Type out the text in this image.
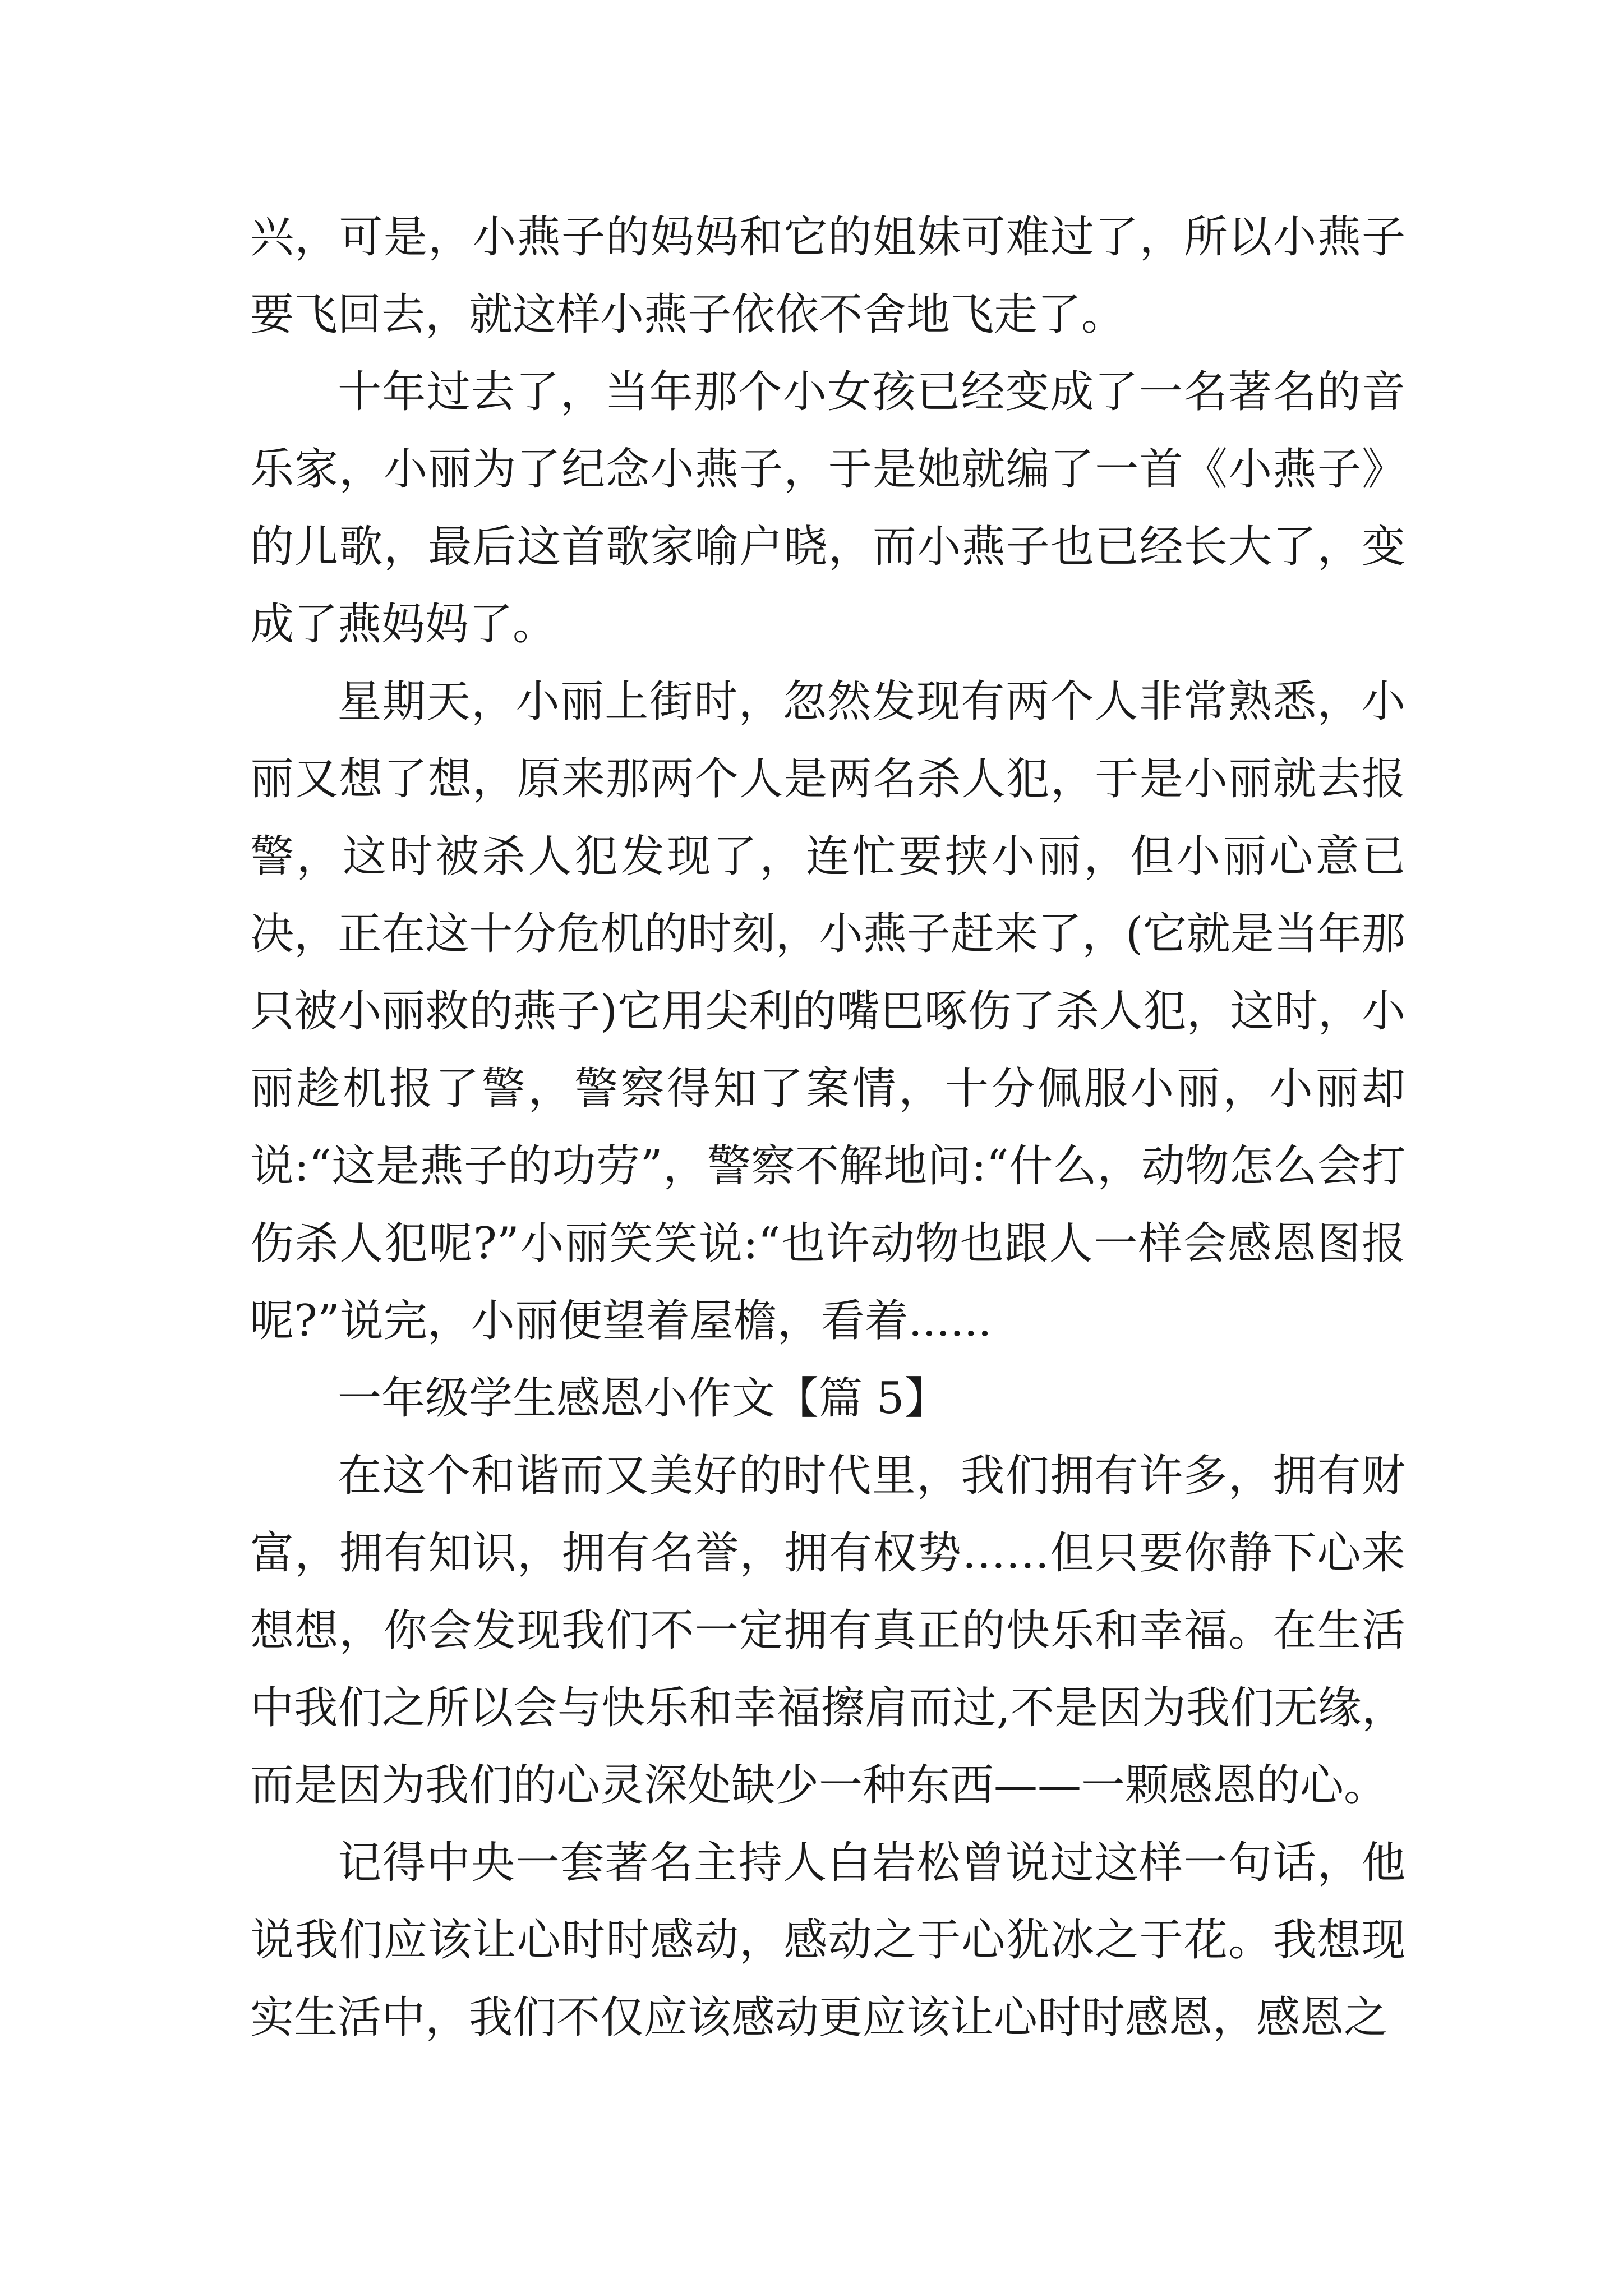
兴，可是，小燕子的妈妈和它的姐妹可难过了，所以小燕子要飞回去，就这样小燕子依依不舍地飞走了。

十年过去了，当年那个小女孩已经变成了一名著名的音乐家，小丽为了纪念小燕子，于是她就编了一首《小燕子》的儿歌，最后这首歌家喻户晓，而小燕子也已经长大了，变成了燕妈妈了。

星期天，小丽上街时，忽然发现有两个人非常熟悉，小丽又想了想，原来那两个人是两名杀人犯，于是小丽就去报警，这时被杀人犯发现了，连忙要挟小丽，但小丽心意已决，正在这十分危机的时刻，小燕子赶来了，(它就是当年那只被小丽救的燕子)它用尖利的嘴巴啄伤了杀人犯，这时，小丽趁机报了警，警察得知了案情，十分佩服小丽，小丽却说:“这是燕子的功劳”，警察不解地问:“什么，动物怎么会打伤杀人犯呢?”小丽笑笑说:“也许动物也跟人一样会感恩图报呢?”说完，小丽便望着屋檐，看着......

一年级学生感恩小作文【篇 5】

在这个和谐而又美好的时代里，我们拥有许多，拥有财富，拥有知识，拥有名誉，拥有权势……但只要你静下心来想想，你会发现我们不一定拥有真正的快乐和幸福。在生活中我们之所以会与快乐和幸福擦肩而过,不是因为我们无缘，而是因为我们的心灵深处缺少一种东西——一颗感恩的心。

记得中央一套著名主持人白岩松曾说过这样一句话，他说我们应该让心时时感动，感动之于心犹冰之于花。我想现实生活中，我们不仅应该感动更应该让心时时感恩，感恩之
